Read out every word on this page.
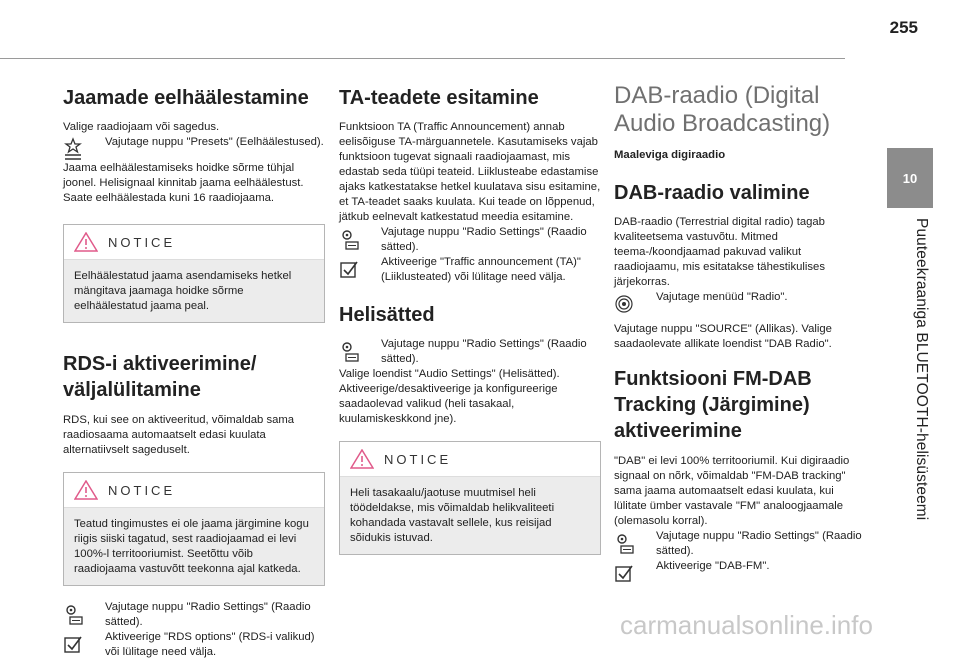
255
10
Puuteekraaniga BLUETOOTH-helisüsteemi
Jaamade eelhäälestamine

Valige raadiojaam või sagedus.

Vajutage nuppu "Presets" (Eelhäälestused).

Jaama eelhäälestamiseks hoidke sõrme tühjal joonel. Helisignaal kinnitab jaama eelhäälestust. Saate eelhäälestada kuni 16 raadiojaama.

NOTICE

Eelhäälestatud jaama asendamiseks hetkel mängitava jaamaga hoidke sõrme eelhäälestatud jaama peal.

RDS-i aktiveerimine/ väljalülitamine

RDS, kui see on aktiveeritud, võimaldab sama raadiosaama automaatselt edasi kuulata alternatiivselt sageduselt.

NOTICE

Teatud tingimustes ei ole jaama järgimine kogu riigis siiski tagatud, sest raadiojaamad ei levi 100%-l territooriumist. Seetõttu võib raadiojaama vastuvõtt teekonna ajal katkeda.

Vajutage nuppu "Radio Settings" (Raadio sätted).

Aktiveerige "RDS options" (RDS-i valikud) või lülitage need välja.

TA-teadete esitamine

Funktsioon TA (Traffic Announcement) annab eelisõiguse TA-märguannetele. Kasutamiseks vajab funktsioon tugevat signaali raadiojaamast, mis edastab seda tüüpi teateid. Liiklusteabe edastamise ajaks katkestatakse hetkel kuulatava sisu esitamine, et TA-teadet saaks kuulata. Kui teade on lõppenud, jätkub eelnevalt katkestatud meedia esitamine.

Vajutage nuppu "Radio Settings" (Raadio sätted).

Aktiveerige "Traffic announcement (TA)" (Liiklusteated) või lülitage need välja.

Helisätted

Vajutage nuppu "Radio Settings" (Raadio sätted).

Valige loendist "Audio Settings" (Helisätted). Aktiveerige/desaktiveerige ja konfigureerige saadaolevad valikud (heli tasakaal, kuulamiskeskkond jne).

NOTICE

Heli tasakaalu/jaotuse muutmisel heli töödeldakse, mis võimaldab helikvaliteeti kohandada vastavalt sellele, kus reisijad sõidukis istuvad.

DAB-raadio (Digital Audio Broadcasting)

Maaleviga digiraadio

DAB-raadio valimine

DAB-raadio (Terrestrial digital radio) tagab kvaliteetsema vastuvõtu. Mitmed teema-/koondjaamad pakuvad valikut raadiojaamu, mis esitatakse tähestikulises järjekorras.

Vajutage menüüd "Radio".

Vajutage nuppu "SOURCE" (Allikas). Valige saadaolevate allikate loendist "DAB Radio".

Funktsiooni FM-DAB Tracking (Järgimine) aktiveerimine

"DAB" ei levi 100% territooriumil. Kui digiraadio signaal on nõrk, võimaldab "FM-DAB tracking" sama jaama automaatselt edasi kuulata, kui lülitate ümber vastavale "FM" analoogjaamale (olemasolu korral).

Vajutage nuppu "Radio Settings" (Raadio sätted).

Aktiveerige "DAB-FM".

carmanualsonline.info
